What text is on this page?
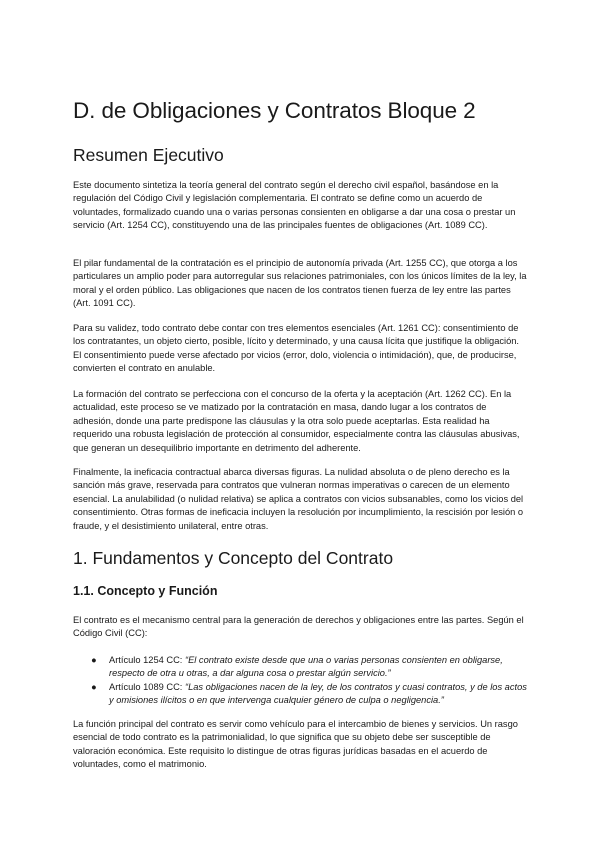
D. de Obligaciones y Contratos Bloque 2
Resumen Ejecutivo

Este documento sintetiza la teoría general del contrato según el derecho civil español, basándose en la regulación del Código Civil y legislación complementaria. El contrato se define como un acuerdo de voluntades, formalizado cuando una o varias personas consienten en obligarse a dar una cosa o prestar un servicio (Art. 1254 CC), constituyendo una de las principales fuentes de obligaciones (Art. 1089 CC).

El pilar fundamental de la contratación es el principio de autonomía privada (Art. 1255 CC), que otorga a los particulares un amplio poder para autorregular sus relaciones patrimoniales, con los únicos límites de la ley, la moral y el orden público. Las obligaciones que nacen de los contratos tienen fuerza de ley entre las partes (Art. 1091 CC).

Para su validez, todo contrato debe contar con tres elementos esenciales (Art. 1261 CC): consentimiento de los contratantes, un objeto cierto, posible, lícito y determinado, y una causa lícita que justifique la obligación. El consentimiento puede verse afectado por vicios (error, dolo, violencia o intimidación), que, de producirse, convierten el contrato en anulable.

La formación del contrato se perfecciona con el concurso de la oferta y la aceptación (Art. 1262 CC). En la actualidad, este proceso se ve matizado por la contratación en masa, dando lugar a los contratos de adhesión, donde una parte predispone las cláusulas y la otra solo puede aceptarlas. Esta realidad ha requerido una robusta legislación de protección al consumidor, especialmente contra las cláusulas abusivas, que generan un desequilibrio importante en detrimento del adherente.

Finalmente, la ineficacia contractual abarca diversas figuras. La nulidad absoluta o de pleno derecho es la sanción más grave, reservada para contratos que vulneran normas imperativas o carecen de un elemento esencial. La anulabilidad (o nulidad relativa) se aplica a contratos con vicios subsanables, como los vicios del consentimiento. Otras formas de ineficacia incluyen la resolución por incumplimiento, la rescisión por lesión o fraude, y el desistimiento unilateral, entre otras.

1. Fundamentos y Concepto del Contrato
1.1. Concepto y Función

El contrato es el mecanismo central para la generación de derechos y obligaciones entre las partes. Según el Código Civil (CC):

● Artículo 1254 CC: “El contrato existe desde que una o varias personas consienten en obligarse, respecto de otra u otras, a dar alguna cosa o prestar algún servicio.”
● Artículo 1089 CC: “Las obligaciones nacen de la ley, de los contratos y cuasi contratos, y de los actos y omisiones ilícitos o en que intervenga cualquier género de culpa o negligencia.”

La función principal del contrato es servir como vehículo para el intercambio de bienes y servicios. Un rasgo esencial de todo contrato es la patrimonialidad, lo que significa que su objeto debe ser susceptible de valoración económica. Este requisito lo distingue de otras figuras jurídicas basadas en el acuerdo de voluntades, como el matrimonio.
